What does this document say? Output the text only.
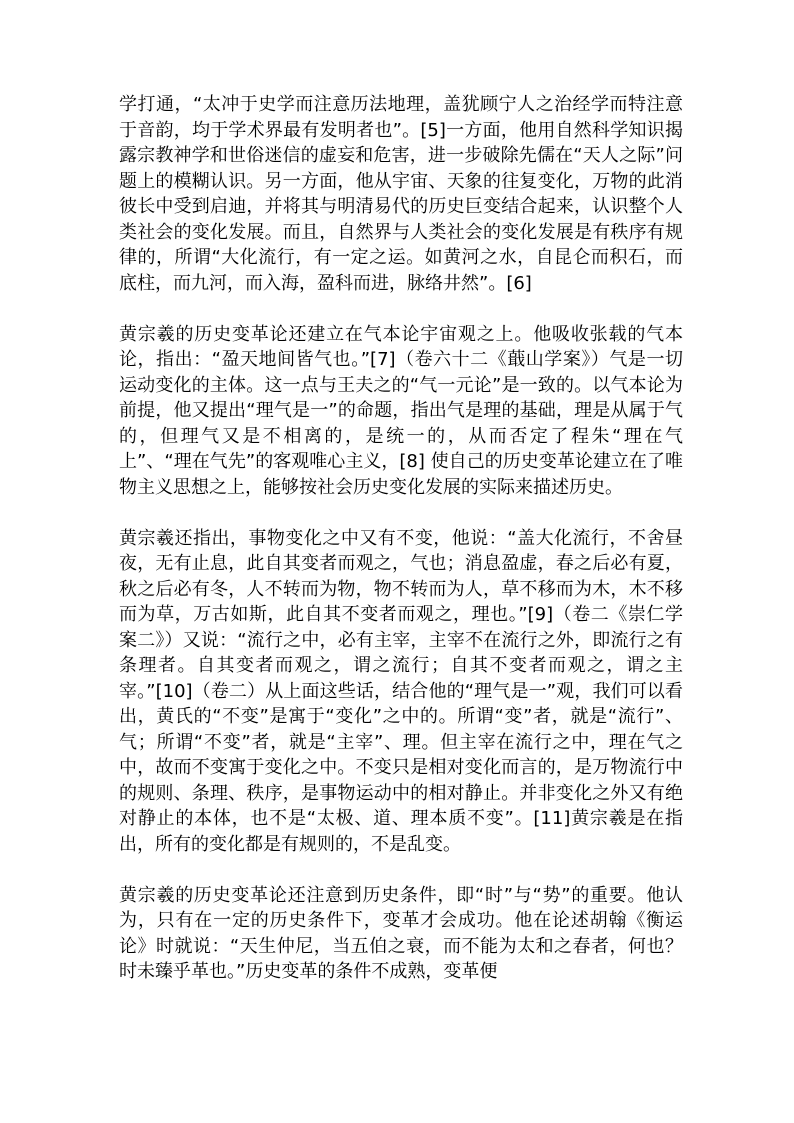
学打通，“太冲于史学而注意历法地理，盖犹顾宁人之治经学而特注意于音韵，均于学术界最有发明者也”。[5]一方面，他用自然科学知识揭露宗教神学和世俗迷信的虚妄和危害，进一步破除先儒在“天人之际”问题上的模糊认识。另一方面，他从宇宙、天象的往复变化，万物的此消彼长中受到启迪，并将其与明清易代的历史巨变结合起来，认识整个人类社会的变化发展。而且，自然界与人类社会的变化发展是有秩序有规律的，所谓“大化流行，有一定之运。如黄河之水，自昆仑而积石，而底柱，而九河，而入海，盈科而进，脉络井然”。[6]

黄宗羲的历史变革论还建立在气本论宇宙观之上。他吸收张载的气本论，指出：“盈天地间皆气也。”[7]（卷六十二《蕺山学案》）气是一切运动变化的主体。这一点与王夫之的“气一元论”是一致的。以气本论为前提，他又提出“理气是一”的命题，指出气是理的基础，理是从属于气的，但理气又是不相离的，是统一的，从而否定了程朱“理在气上”、“理在气先”的客观唯心主义，[8] 使自己的历史变革论建立在了唯物主义思想之上，能够按社会历史变化发展的实际来描述历史。

黄宗羲还指出，事物变化之中又有不变，他说：“盖大化流行，不舍昼夜，无有止息，此自其变者而观之，气也；消息盈虚，春之后必有夏，秋之后必有冬，人不转而为物，物不转而为人，草不移而为木，木不移而为草，万古如斯，此自其不变者而观之，理也。”[9]（卷二《崇仁学案二》）又说：“流行之中，必有主宰，主宰不在流行之外，即流行之有条理者。自其变者而观之，谓之流行；自其不变者而观之，谓之主宰。”[10]（卷二）从上面这些话，结合他的“理气是一”观，我们可以看出，黄氏的“不变”是寓于“变化”之中的。所谓“变”者，就是“流行”、气；所谓“不变”者，就是“主宰”、理。但主宰在流行之中，理在气之中，故而不变寓于变化之中。不变只是相对变化而言的，是万物流行中的规则、条理、秩序，是事物运动中的相对静止。并非变化之外又有绝对静止的本体，也不是“太极、道、理本质不变”。[11]黄宗羲是在指出，所有的变化都是有规则的，不是乱变。

黄宗羲的历史变革论还注意到历史条件，即“时”与“势”的重要。他认为，只有在一定的历史条件下，变革才会成功。他在论述胡翰《衡运论》时就说：“天生仲尼，当五伯之衰，而不能为太和之春者，何也？时未臻乎革也。”历史变革的条件不成熟，变革便
